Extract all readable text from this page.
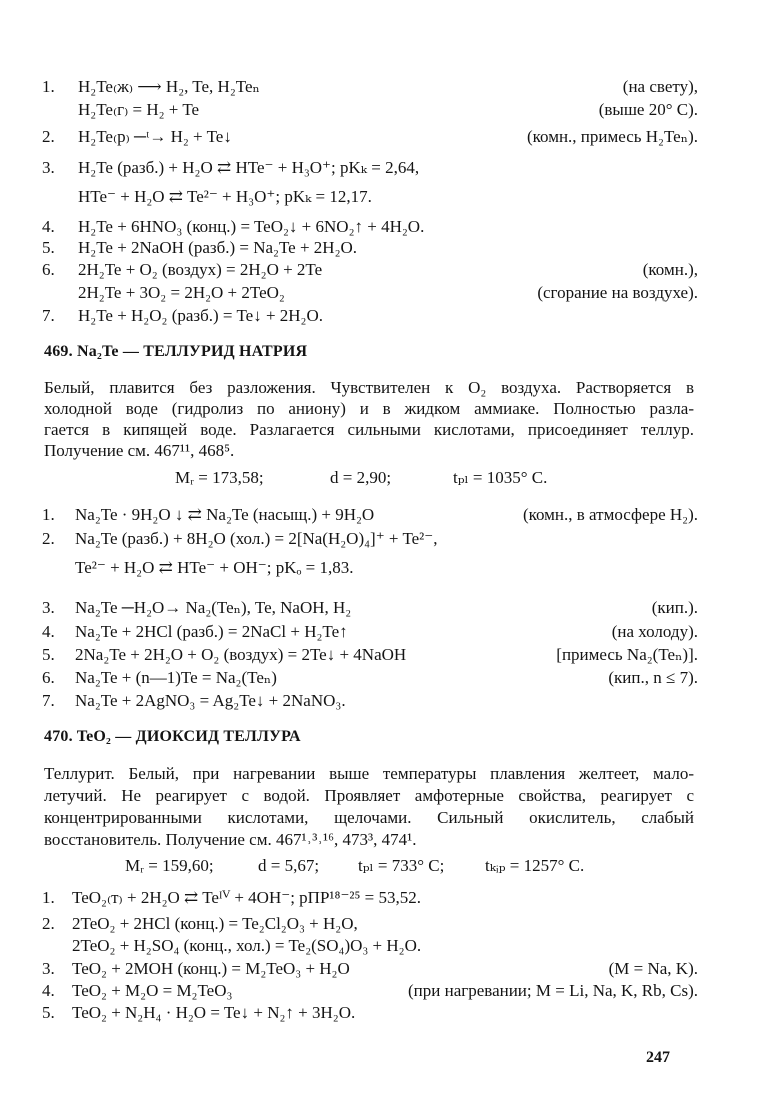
1. H₂Te₍ж₎ ⟶ H₂, Te, H₂Teₙ	(на свету),
H₂Te₍г₎ = H₂ + Te	(выше 20° С).
2. H₂Te₍р₎ ─ᵗ→ H₂ + Te↓	(комн., примесь H₂Teₙ).
3. H₂Te (разб.) + H₂O ⇄ HTe⁻ + H₃O⁺; pKₖ = 2,64,
HTe⁻ + H₂O ⇄ Te²⁻ + H₃O⁺; pKₖ = 12,17.
4. H₂Te + 6HNO₃ (конц.) = TeO₂↓ + 6NO₂↑ + 4H₂O.
5. H₂Te + 2NaOH (разб.) = Na₂Te + 2H₂O.
6. 2H₂Te + O₂ (воздух) = 2H₂O + 2Te	(комн.),
2H₂Te + 3O₂ = 2H₂O + 2TeO₂	(сгорание на воздухе).
7. H₂Te + H₂O₂ (разб.) = Te↓ + 2H₂O.
469. Na₂Te — ТЕЛЛУРИД НАТРИЯ
Белый, плавится без разложения. Чувствителен к O₂ воздуха. Растворяется в
холодной воде (гидролиз по аниону) и в жидком аммиаке. Полностью разла-
гается в кипящей воде. Разлагается сильными кислотами, присоединяет теллур.
Получение см. 467¹¹, 468⁵.
Mᵣ = 173,58;	d = 2,90;	tₚₗ = 1035° С.
1. Na₂Te · 9H₂O ↓ ⇄ Na₂Te (насыщ.) + 9H₂O	(комн., в атмосфере H₂).
2. Na₂Te (разб.) + 8H₂O (хол.) = 2[Na(H₂O)₄]⁺ + Te²⁻,
Te²⁻ + H₂O ⇄ HTe⁻ + OH⁻; pKₒ = 1,83.
3. Na₂Te ─H₂O→ Na₂(Teₙ), Te, NaOH, H₂	(кип.).
4. Na₂Te + 2HCl (разб.) = 2NaCl + H₂Te↑	(на холоду).
5. 2Na₂Te + 2H₂O + O₂ (воздух) = 2Te↓ + 4NaOH	[примесь Na₂(Teₙ)].
6. Na₂Te + (n—1)Te = Na₂(Teₙ)	(кип., n ≤ 7).
7. Na₂Te + 2AgNO₃ = Ag₂Te↓ + 2NaNO₃.
470. TeO₂ — ДИОКСИД ТЕЛЛУРА
Теллурит. Белый, при нагревании выше температуры плавления желтеет, мало-
летучий. Не реагирует с водой. Проявляет амфотерные свойства, реагирует с
концентрированными кислотами, щелочами. Сильный окислитель, слабый
восстановитель. Получение см. 467¹˒³˒¹⁶, 473³, 474¹.
Mᵣ = 159,60;	d = 5,67; tₚₗ = 733° С; tₖᵢₚ = 1257° С.
1. TeO₂₍т₎ + 2H₂O ⇄ Teᴵⱽ + 4OH⁻; pПР¹⁸⁻²⁵ = 53,52.
2. 2TeO₂ + 2HCl (конц.) = Te₂Cl₂O₃ + H₂O,
2TeO₂ + H₂SO₄ (конц., хол.) = Te₂(SO₄)O₃ + H₂O.
3. TeO₂ + 2MOH (конц.) = M₂TeO₃ + H₂O	(M = Na, K).
4. TeO₂ + M₂O = M₂TeO₃	(при нагревании; M = Li, Na, K, Rb, Cs).
5. TeO₂ + N₂H₄ · H₂O = Te↓ + N₂↑ + 3H₂O.
247
